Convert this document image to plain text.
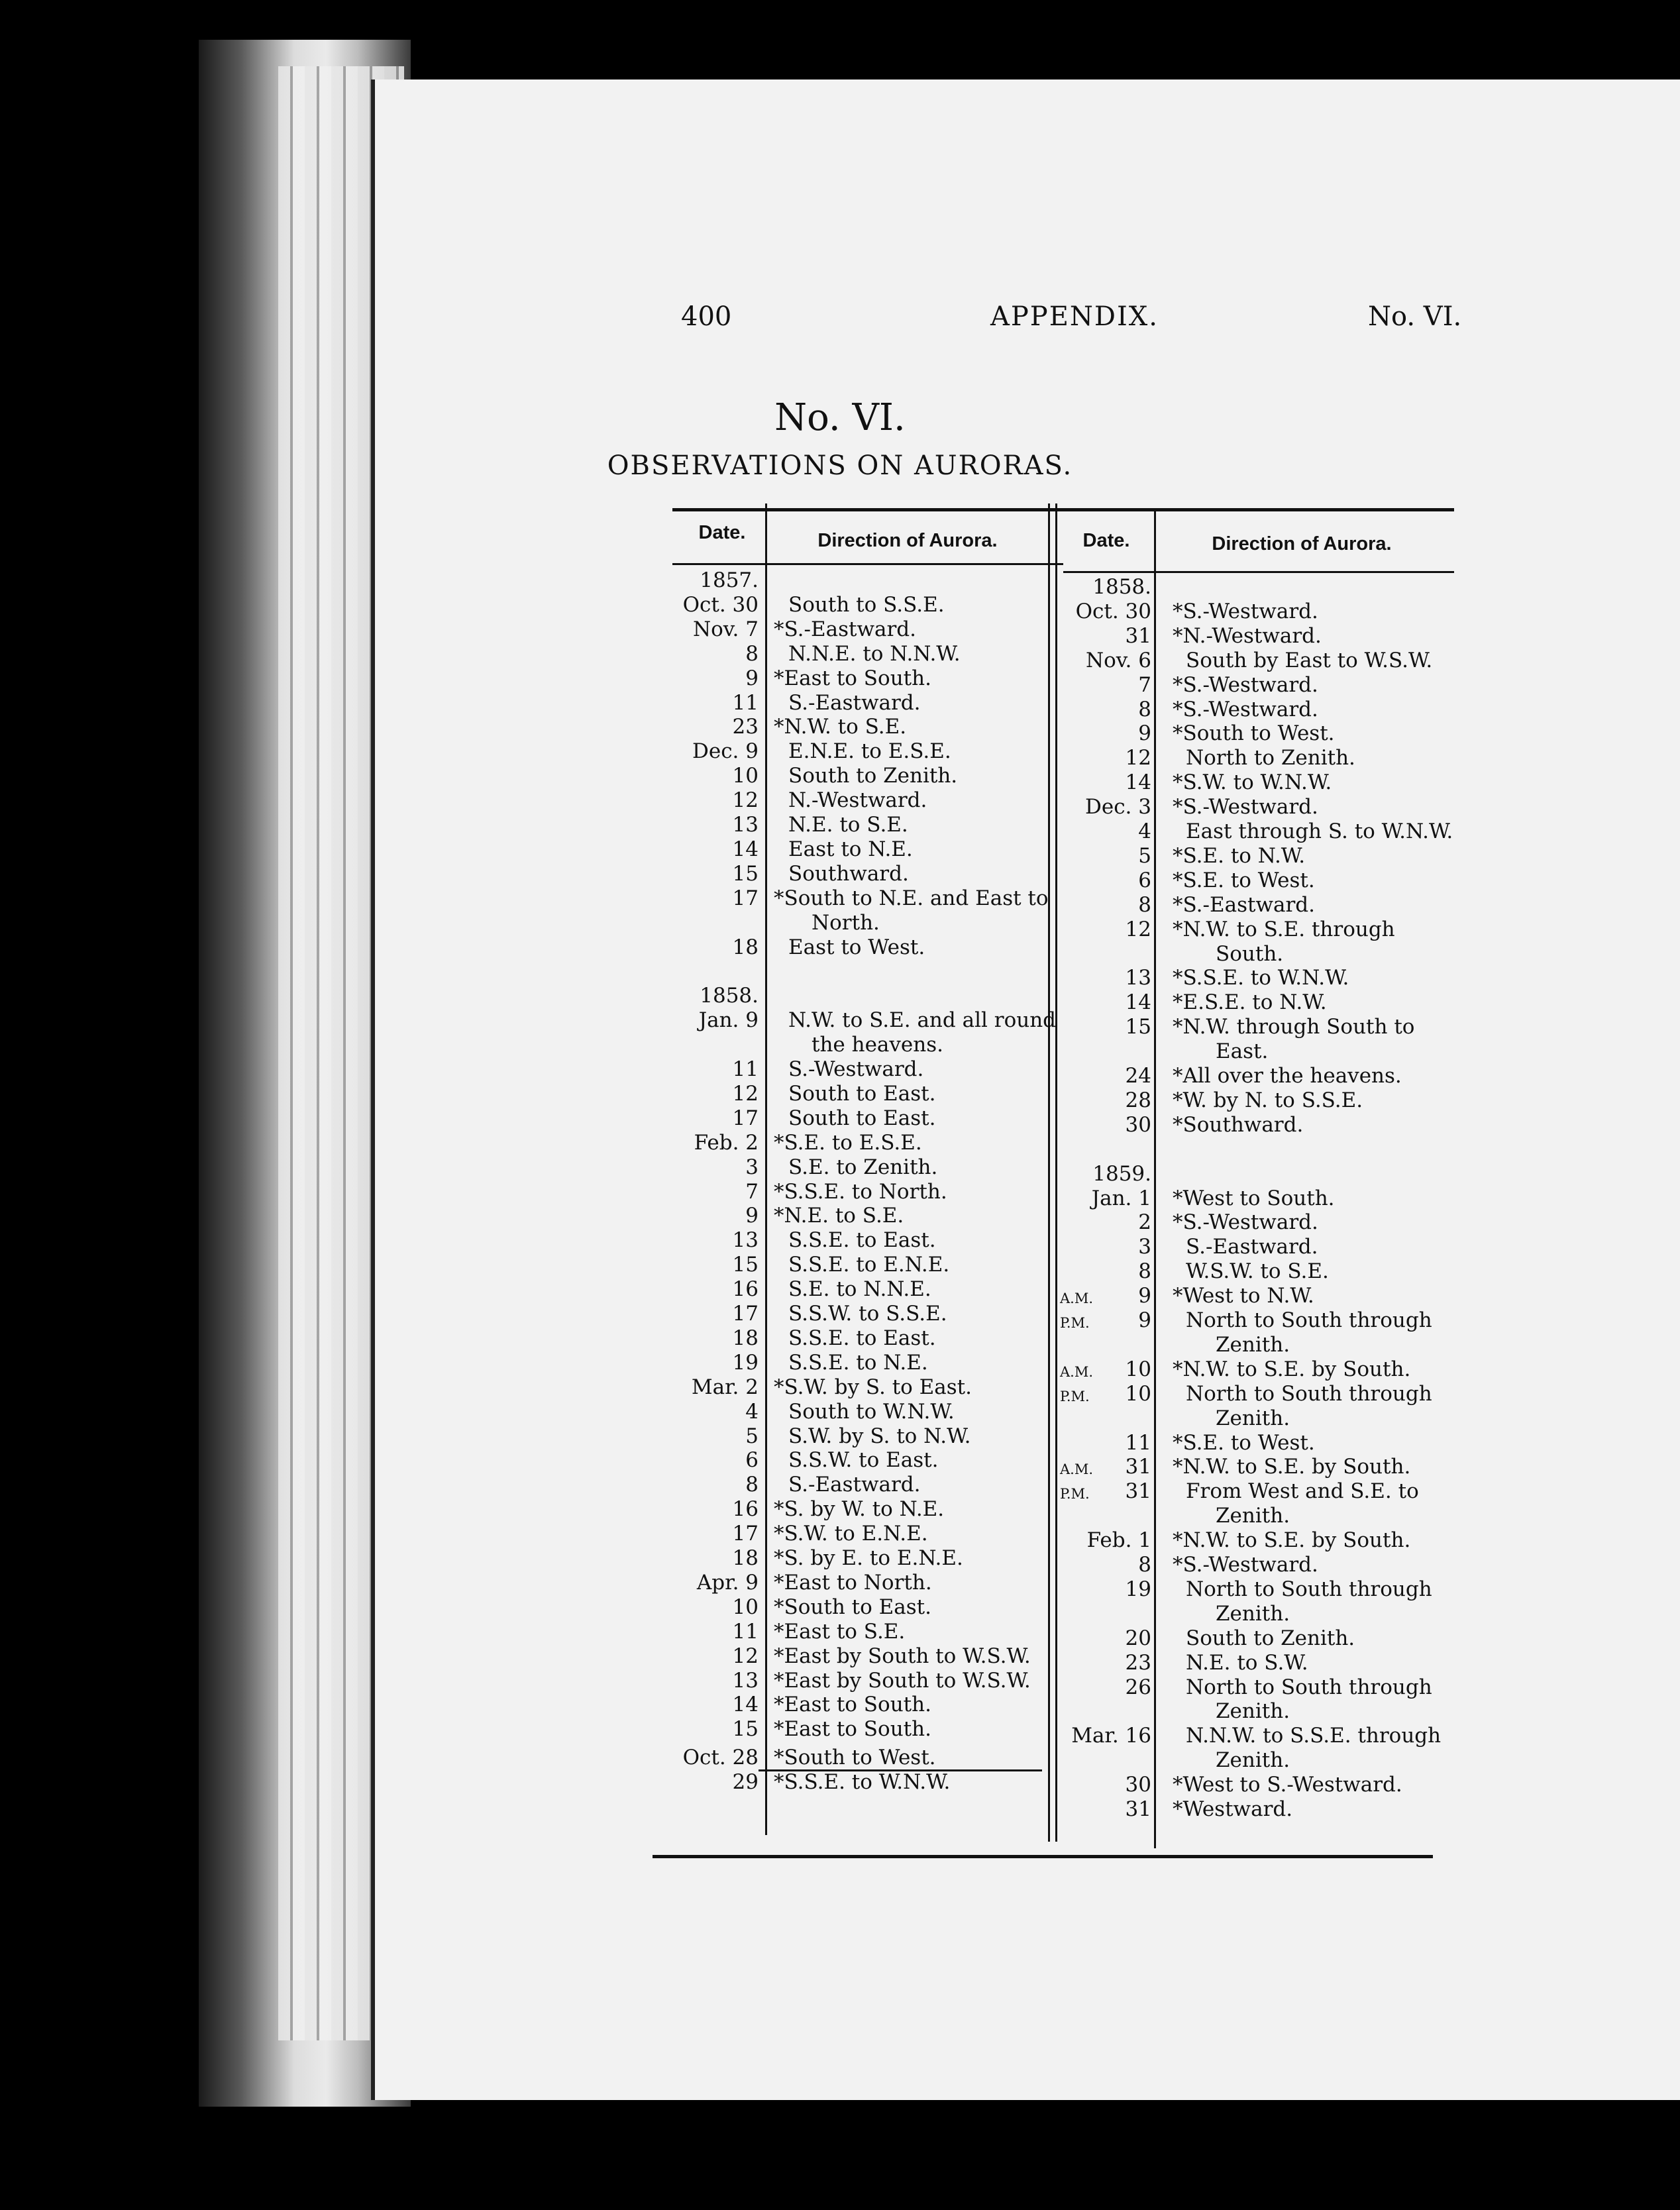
400	APPENDIX.	No. VI.
No. VI.
OBSERVATIONS ON AURORAS.
Date.	Direction of Aurora.	Date.	Direction of Aurora.
1857.
Oct. 30 South to S.S.E.
Nov. 7 *S.-Eastward.
8 N.N.E. to N.N.W.
9 *East to South.
11 S.-Eastward.
23 *N.W. to S.E.
Dec. 9 E.N.E. to E.S.E.
10 South to Zenith.
12 N.-Westward.
13 N.E. to S.E.
14 East to N.E.
15 Southward.
17 *South to N.E. and East to
North.
18 East to West.
1858.
Jan. 9 N.W. to S.E. and all round
the heavens.
11 S.-Westward.
12 South to East.
17 South to East.
Feb. 2 *S.E. to E.S.E.
3 S.E. to Zenith.
7 *S.S.E. to North.
9 *N.E. to S.E.
13 S.S.E. to East.
15 S.S.E. to E.N.E.
16 S.E. to N.N.E.
17 S.S.W. to S.S.E.
18 S.S.E. to East.
19 S.S.E. to N.E.
Mar. 2 *S.W. by S. to East.
4 South to W.N.W.
5 S.W. by S. to N.W.
6 S.S.W. to East.
8 S.-Eastward.
16 *S. by W. to N.E.
17 *S.W. to E.N.E.
18 *S. by E. to E.N.E.
Apr. 9 *East to North.
10 *South to East.
11 *East to S.E.
12 *East by South to W.S.W.
13 *East by South to W.S.W.
14 *East to South.
15 *East to South.
Oct. 28 *South to West.
29 *S.S.E. to W.N.W.
1858.
Oct. 30 *S.-Westward.
31 *N.-Westward.
Nov. 6 South by East to W.S.W.
7 *S.-Westward.
8 *S.-Westward.
9 *South to West.
12 North to Zenith.
14 *S.W. to W.N.W.
Dec. 3 *S.-Westward.
4 East through S. to W.N.W.
5 *S.E. to N.W.
6 *S.E. to West.
8 *S.-Eastward.
12 *N.W. to S.E. through
South.
13 *S.S.E. to W.N.W.
14 *E.S.E. to N.W.
15 *N.W. through South to
East.
24 *All over the heavens.
28 *W. by N. to S.S.E.
30 *Southward.
1859.
Jan. 1 *West to South.
2 *S.-Westward.
3 S.-Eastward.
8 W.S.W. to S.E.
A.M.	9 *West to N.W.
P.M.	9 North to South through
Zenith.
A.M.	10 *N.W. to S.E. by South.
P.M.	10 North to South through
Zenith.
11 *S.E. to West.
A.M.	31 *N.W. to S.E. by South.
P.M.	31 From West and S.E. to
Zenith.
Feb. 1 *N.W. to S.E. by South.
8 *S.-Westward.
19 North to South through
Zenith.
20 South to Zenith.
23 N.E. to S.W.
26 North to South through
Zenith.
Mar. 16 N.N.W. to S.S.E. through
Zenith.
30 *West to S.-Westward.
31 *Westward.
